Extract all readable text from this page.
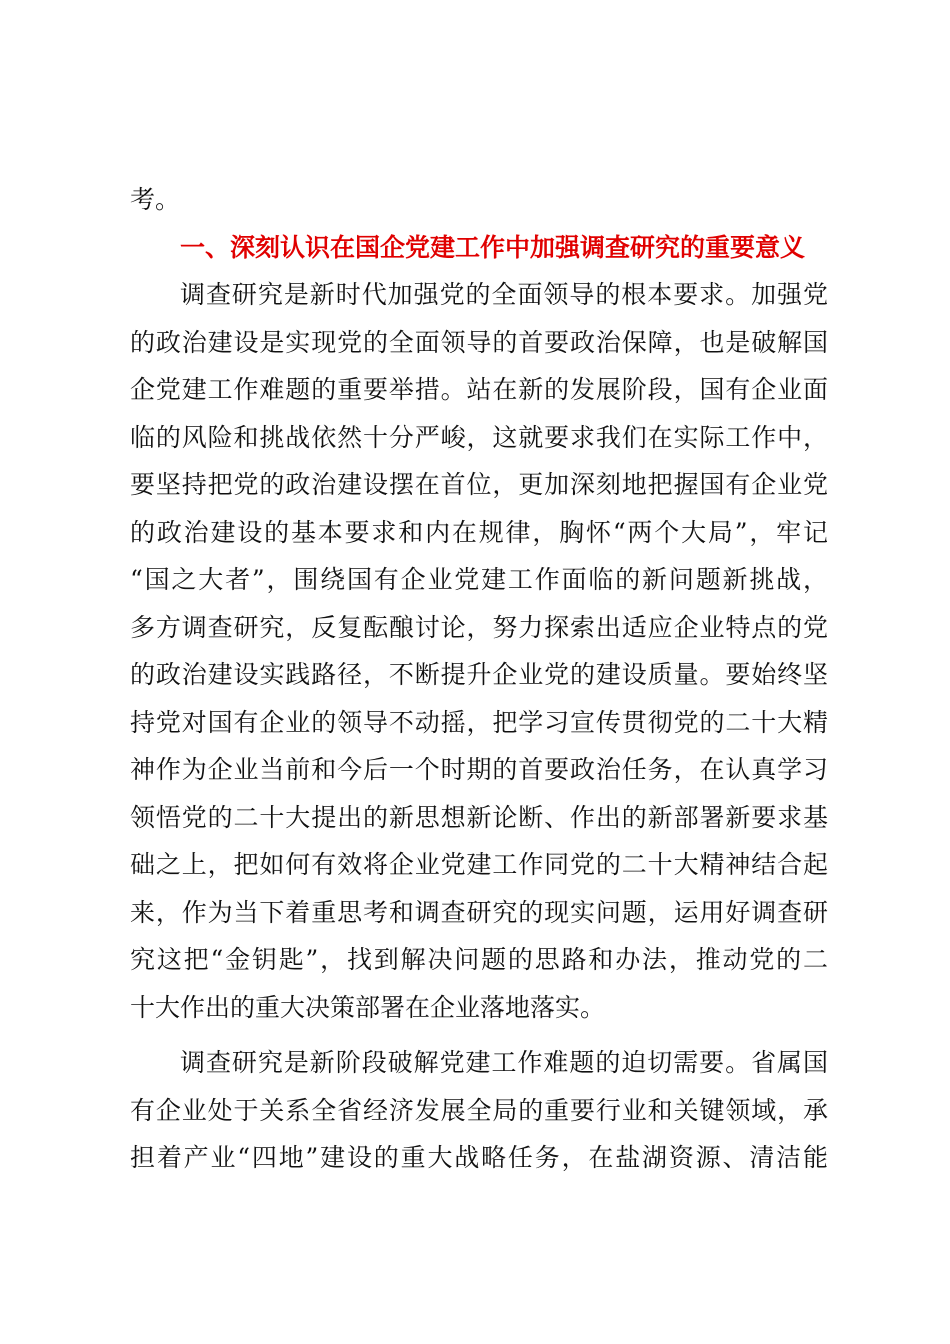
考。
一、深刻认识在国企党建工作中加强调查研究的重要意义
调查研究是新时代加强党的全面领导的根本要求。加强党
的政治建设是实现党的全面领导的首要政治保障，也是破解国
企党建工作难题的重要举措。站在新的发展阶段，国有企业面
临的风险和挑战依然十分严峻，这就要求我们在实际工作中，
要坚持把党的政治建设摆在首位，更加深刻地把握国有企业党
的政治建设的基本要求和内在规律，胸怀“两个大局”，牢记
“国之大者”，围绕国有企业党建工作面临的新问题新挑战，
多方调查研究，反复酝酿讨论，努力探索出适应企业特点的党
的政治建设实践路径，不断提升企业党的建设质量。要始终坚
持党对国有企业的领导不动摇，把学习宣传贯彻党的二十大精
神作为企业当前和今后一个时期的首要政治任务，在认真学习
领悟党的二十大提出的新思想新论断、作出的新部署新要求基
础之上，把如何有效将企业党建工作同党的二十大精神结合起
来，作为当下着重思考和调查研究的现实问题，运用好调查研
究这把“金钥匙”，找到解决问题的思路和办法，推动党的二
十大作出的重大决策部署在企业落地落实。
调查研究是新阶段破解党建工作难题的迫切需要。省属国
有企业处于关系全省经济发展全局的重要行业和关键领域，承
担着产业“四地”建设的重大战略任务，在盐湖资源、清洁能
